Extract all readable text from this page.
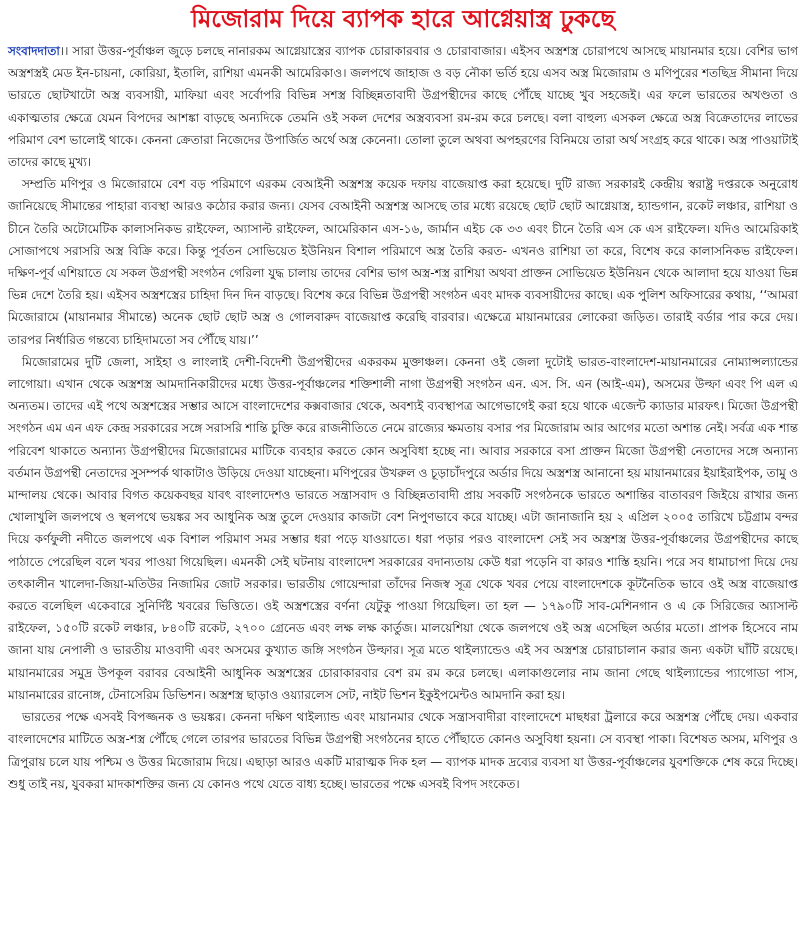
মিজোরাম দিয়ে ব্যাপক হারে আগ্নেয়াস্ত্র ঢুকছে

সংবাদদাতা।। সারা উত্তর-পূর্বাঞ্চল জুড়ে চলছে নানারকম আগ্নেয়াস্ত্রের ব্যাপক চোরাকারবার ও চোরাবাজার। এইসব অস্ত্রশস্ত্র চোরাপথে আসছে মায়ানমার হয়ে। বেশির ভাগ অস্ত্রশস্ত্রই মেড ইন-চায়না, কোরিয়া, ইতালি, রাশিয়া এমনকী আমেরিকাও। জলপথে জাহাজ ও বড় নৌকা ভর্তি হয়ে এসব অস্ত্র মিজোরাম ও মণিপুরের শতছিদ্র সীমানা দিয়ে ভারতে ছোটখাটো অস্ত্র ব্যবসায়ী, মাফিয়া এবং সর্বোপরি বিভিন্ন সশস্ত্র বিচ্ছিন্নতাবাদী উগ্রপন্থীদের কাছে পৌঁছে যাচ্ছে খুব সহজেই। এর ফলে ভারতের অখণ্ডতা ও একাত্মতার ক্ষেত্রে যেমন বিপদের আশঙ্কা বাড়ছে অন্যদিকে তেমনি ওই সকল দেশের অস্ত্রব্যবসা রম-রম করে চলছে। বলা বাহুল্য এসকল ক্ষেত্রে অস্ত্র বিক্রেতাদের লাভের পরিমাণ বেশ ভালোই থাকে। কেননা ক্রেতারা নিজেদের উপার্জিত অর্থে অস্ত্র কেনেনা। তোলা তুলে অথবা অপহরণের বিনিময়ে তারা অর্থ সংগ্রহ করে থাকে। অস্ত্র পাওয়াটাই তাদের কাছে মুখ্য।

সম্প্রতি মণিপুর ও মিজোরামে বেশ বড় পরিমাণে এরকম বেআইনী অস্ত্রশস্ত্র কয়েক দফায় বাজেয়াপ্ত করা হয়েছে। দুটি রাজ্য সরকারই কেন্দ্রীয় স্বরাষ্ট্র দপ্তরকে অনুরোধ জানিয়েছে সীমান্তের পাহারা ব্যবস্থা আরও কঠোর করার জন্য। যেসব বেআইনী অস্ত্রশস্ত্র আসছে তার মধ্যে রয়েছে ছোট ছোট আগ্নেয়াস্ত্র, হ্যান্ডগান, রকেট লঞ্চার, রাশিয়া ও চীনে তৈরি অটোমেটিক কালাসনিকভ রাইফেল, অ্যাসাল্ট রাইফেল, আমেরিকান এস-১৬, জার্মান এইচ কে ৩৩ এবং চীনে তৈরি এস কে এস রাইফেল। যদিও আমেরিকাই সোজাপথে সরাসরি অস্ত্র বিক্রি করে। কিন্তু পূর্বতন সোভিয়েত ইউনিয়ন বিশাল পরিমাণে অস্ত্র তৈরি করত- এখনও রাশিয়া তা করে, বিশেষ করে কালাসনিকভ রাইফেল। দক্ষিণ-পূর্ব এশিয়াতে যে সকল উগ্রপন্থী সংগঠন গেরিলা যুদ্ধ চালায় তাদের বেশির ভাগ অস্ত্র-শস্ত্র রাশিয়া অথবা প্রাক্তন সোভিয়েত ইউনিয়ন থেকে আলাদা হয়ে যাওয়া ভিন্ন ভিন্ন দেশে তৈরি হয়। এইসব অস্ত্রশস্ত্রের চাহিদা দিন দিন বাড়ছে। বিশেষ করে বিভিন্ন উগ্রপন্থী সংগঠন এবং মাদক ব্যবসায়ীদের কাছে। এক পুলিশ অফিসারের কথায়, ‘‘আমরা মিজোরামে (মায়ানমার সীমান্তে) অনেক ছোট ছোট অস্ত্র ও গোলবারুদ বাজেয়াপ্ত করেছি বারবার। এক্ষেত্রে মায়ানমারের লোকেরা জড়িত। তারাই বর্ডার পার করে দেয়। তারপর নির্ধারিত গন্তব্যে চাহিদামতো সব পৌঁছে যায়।’’

মিজোরামের দুটি জেলা, সাইহা ও লাংলাই দেশী-বিদেশী উগ্রপন্থীদের একরকম মুক্তাঞ্চল। কেননা ওই জেলা দুটোই ভারত-বাংলাদেশ-মায়ানমারের নোম্যান্সল্যান্ডের লাগোয়া। এখান থেকে অস্ত্রশস্ত্র আমদানিকারীদের মধ্যে উত্তর-পূর্বাঞ্চলের শক্তিশালী নাগা উগ্রপন্থী সংগঠন এন. এস. সি. এন (আই-এম), অসমের উল্ফা এবং পি এল এ অন্যতম। তাদের এই পথে অস্ত্রশস্ত্রের সম্ভার আসে বাংলাদেশের কক্সবাজার থেকে, অবশ্যই ব্যবস্থাপত্র আগেভাগেই করা হয়ে থাকে এজেন্ট ক্যাডার মারফৎ। মিজো উগ্রপন্থী সংগঠন এম এন এফ কেন্দ্র সরকারের সঙ্গে সরাসরি শান্তি চুক্তি করে রাজনীতিতে নেমে রাজ্যের ক্ষমতায় বসার পর মিজোরাম আর আগের মতো অশান্ত নেই। সর্বত্র এক শান্ত পরিবেশ থাকাতে অন্যান্য উগ্রপন্থীদের মিজোরামের মাটিকে ব্যবহার করতে কোন অসুবিধা হচ্ছে না। আবার সরকারে বসা প্রাক্তন মিজো উগ্রপন্থী নেতাদের সঙ্গে অন্যান্য বর্তমান উগ্রপন্থী নেতাদের সুসম্পর্ক থাকাটাও উড়িয়ে দেওয়া যাচ্ছেনা। মণিপুরের উখরুল ও চূড়াচাঁদপুরে অর্ডার দিয়ে অস্ত্রশস্ত্র আনানো হয় মায়ানমারের ইয়াইরাইপক, তামু ও মান্দালয় থেকে। আবার বিগত কয়েকবছর যাবৎ বাংলাদেশও ভারতে সন্ত্রাসবাদ ও বিচ্ছিন্নতাবাদী প্রায় সবকটি সংগঠনকে ভারতে অশান্তির বাতাবরণ জিইয়ে রাখার জন্য খোলাখুলি জলপথে ও স্থলপথে ভয়ঙ্কর সব আধুনিক অস্ত্র তুলে দেওয়ার কাজটা বেশ নিপুণভাবে করে যাচ্ছে। এটা জানাজানি হয় ২ এপ্রিল ২০০৫ তারিখে চট্টগ্রাম বন্দর দিয়ে কর্ণফুলী নদীতে জলপথে এক বিশাল পরিমাণ সমর সম্ভার ধরা পড়ে যাওয়াতে। ধরা পড়ার পরও বাংলাদেশ সেই সব অস্ত্রশস্ত্র উত্তর-পূর্বাঞ্চলের উগ্রপন্থীদের কাছে পাঠাতে পেরেছিল বলে খবর পাওয়া গিয়েছিল। এমনকী সেই ঘটনায় বাংলাদেশ সরকারের বদান্যতায় কেউ ধরা পড়েনি বা কারও শাস্তি হয়নি। পরে সব ধামাচাপা দিয়ে দেয় তৎকালীন খালেদা-জিয়া-মতিউর নিজামির জোট সরকার। ভারতীয় গোয়েন্দারা তাঁদের নিজস্ব সূত্র থেকে খবর পেয়ে বাংলাদেশকে কূটনৈতিক ভাবে ওই অস্ত্র বাজেয়াপ্ত করতে বলেছিল একেবারে সুনির্দিষ্ট খবরের ভিত্তিতে। ওই অস্ত্রশস্ত্রের বর্ণনা যেটুকু পাওয়া গিয়েছিল। তা হল — ১৭৯০টি সাব-মেশিনগান ও এ কে সিরিজের অ্যাসাল্ট রাইফেল, ১৫০টি রকেট লঞ্চার, ৮৪০টি রকেট, ২৭০০ গ্রেনেড এবং লক্ষ লক্ষ কার্তুজ। মালয়েশিয়া থেকে জলপথে ওই অস্ত্র এসেছিল অর্ডার মতো। প্রাপক হিসেবে নাম জানা যায় নেপালী ও ভারতীয় মাওবাদী এবং অসমের কুখ্যাত জঙ্গি সংগঠন উল্ফার। সূত্র মতে থাইল্যান্ডেও এই সব অস্ত্রশস্ত্র চোরাচালান করার জন্য একটা ঘাঁটি রয়েছে। মায়ানমারের সমুদ্র উপকূল বরাবর বেআইনী আধুনিক অস্ত্রশস্ত্রের চোরাকারবার বেশ রম রম করে চলছে। এলাকাগুলোর নাম জানা গেছে থাইল্যান্ডের প্যাগোডা পাস, মায়ানমারের রানোঙ্গ, টেনাসেরিম ডিভিশন। অস্ত্রশস্ত্র ছাড়াও ওয়্যারলেস সেট, নাইট ভিশন ইকুইপমেন্টও আমদানি করা হয়।

ভারতের পক্ষে এসবই বিপজ্জনক ও ভয়ঙ্কর। কেননা দক্ষিণ থাইল্যান্ড এবং মায়ানমার থেকে সন্ত্রাসবাদীরা বাংলাদেশে মাছধরা ট্রলারে করে অস্ত্রশস্ত্র পৌঁছে দেয়। একবার বাংলাদেশের মাটিতে অস্ত্র-শস্ত্র পৌঁছে গেলে তারপর ভারতের বিভিন্ন উগ্রপন্থী সংগঠনের হাতে পৌঁছাতে কোনও অসুবিধা হয়না। সে ব্যবস্থা পাকা। বিশেষত অসম, মণিপুর ও ত্রিপুরায় চলে যায় পশ্চিম ও উত্তর মিজোরাম দিয়ে। এছাড়া আরও একটি মারাত্মক দিক হল — ব্যাপক মাদক দ্রব্যের ব্যবসা যা উত্তর-পূর্বাঞ্চলের যুবশক্তিকে শেষ করে দিচ্ছে। শুধু তাই নয়, যুবকরা মাদকাশক্তির জন্য যে কোনও পথে যেতে বাধ্য হচ্ছে। ভারতের পক্ষে এসবই বিপদ সংকেত।
